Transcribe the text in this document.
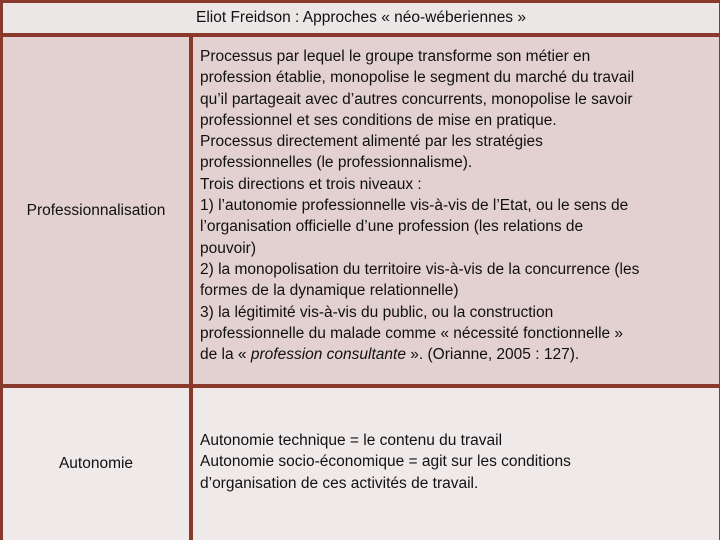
Eliot Freidson : Approches « néo-wéberiennes »
Professionnalisation
Processus par lequel le groupe transforme son métier en
profession établie, monopolise le segment du marché du travail
qu’il partageait avec d’autres concurrents, monopolise le savoir
professionnel et ses conditions de mise en pratique.
Processus directement alimenté par les stratégies
professionnelles (le professionnalisme).
Trois directions et trois niveaux :
1) l’autonomie professionnelle vis-à-vis de l’Etat, ou le sens de
l’organisation officielle d’une profession (les relations de
pouvoir)
2) la monopolisation du territoire vis-à-vis de la concurrence (les
formes de la dynamique relationnelle)
3) la légitimité vis-à-vis du public, ou la construction
professionnelle du malade comme « nécessité fonctionnelle »
de la « profession consultante ». (Orianne, 2005 : 127).
Autonomie
Autonomie technique = le contenu du travail
Autonomie socio-économique = agit sur les conditions
d’organisation de ces activités de travail.
